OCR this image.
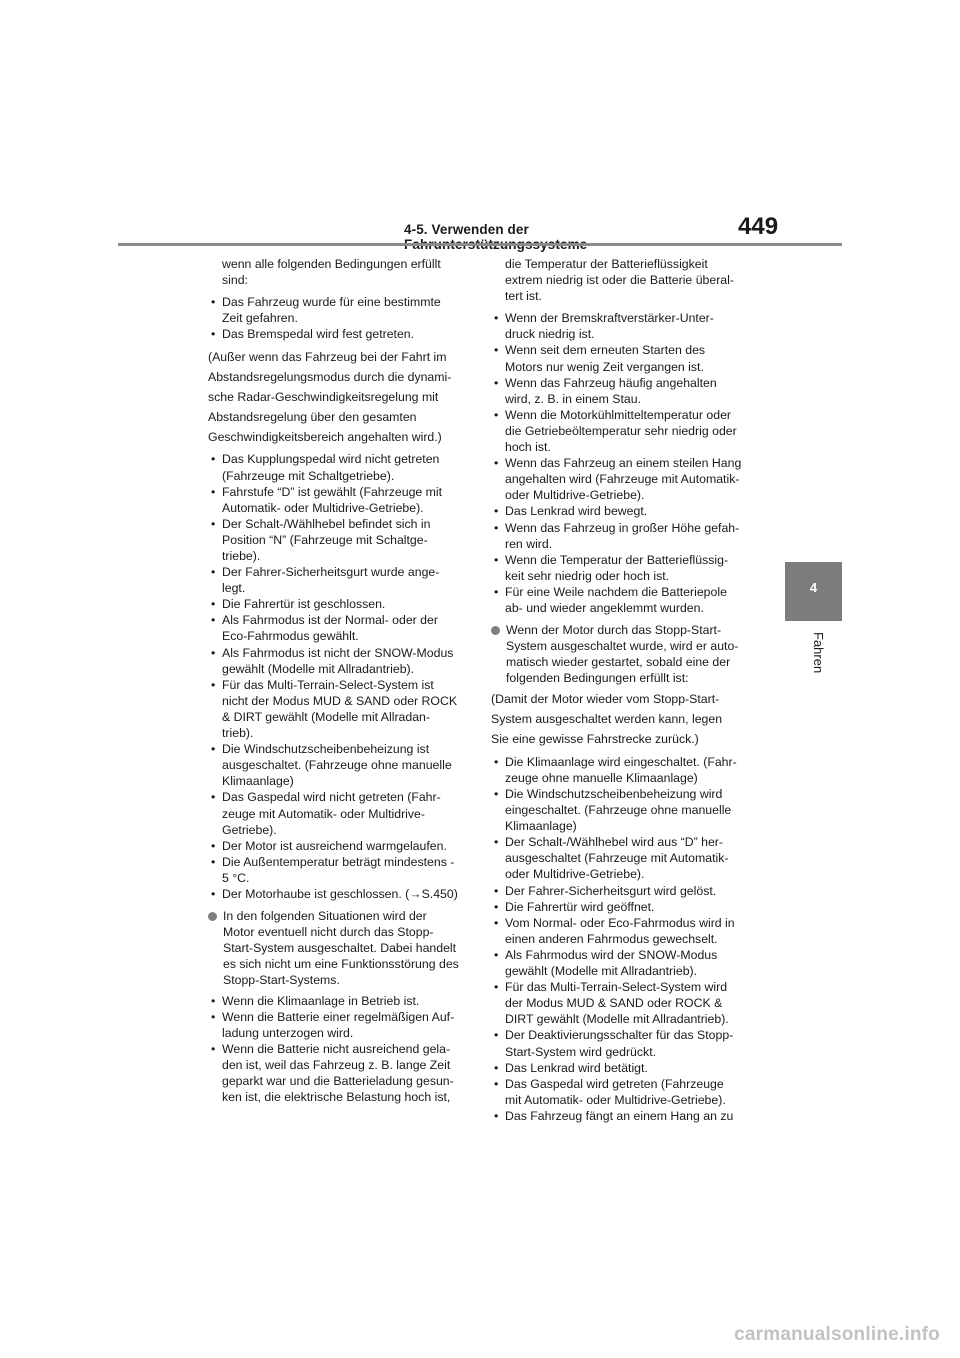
4-5. Verwenden der	449
4
Fahren

wenn alle folgenden Bedingungen erfüllt sind:

• Das Fahrzeug wurde für eine bestimmte Zeit gefahren.
• Das Bremspedal wird fest getreten.
(Außer wenn das Fahrzeug bei der Fahrt im
Abstandsregelungsmodus durch die dynami-
sche Radar-Geschwindigkeitsregelung mit
Abstandsregelung über den gesamten
Geschwindigkeitsbereich angehalten wird.)
• Das Kupplungspedal wird nicht getreten (Fahrzeuge mit Schaltgetriebe).
• Fahrstufe “D” ist gewählt (Fahrzeuge mit Automatik- oder Multidrive-Getriebe).
• Der Schalt-/Wählhebel befindet sich in Position “N” (Fahrzeuge mit Schaltge-triebe).
• Der Fahrer-Sicherheitsgurt wurde ange-legt.
• Die Fahrertür ist geschlossen.
• Als Fahrmodus ist der Normal- oder der Eco-Fahrmodus gewählt.
• Als Fahrmodus ist nicht der SNOW-Modus gewählt (Modelle mit Allradantrieb).
• Für das Multi-Terrain-Select-System ist nicht der Modus MUD & SAND oder ROCK & DIRT gewählt (Modelle mit Allradan-trieb).
• Die Windschutzscheibenbeheizung ist ausgeschaltet. (Fahrzeuge ohne manuelle Klimaanlage)
• Das Gaspedal wird nicht getreten (Fahr-zeuge mit Automatik- oder Multidrive-Getriebe).
• Der Motor ist ausreichend warmgelaufen.
• Die Außentemperatur beträgt mindestens - 5 °C.
• Der Motorhaube ist geschlossen. (→S.450)
In den folgenden Situationen wird der Motor eventuell nicht durch das Stopp-Start-System ausgeschaltet. Dabei handelt es sich nicht um eine Funktionsstörung des Stopp-Start-Systems.
• Wenn die Klimaanlage in Betrieb ist.
• Wenn die Batterie einer regelmäßigen Auf-ladung unterzogen wird.
• Wenn die Batterie nicht ausreichend gela-den ist, weil das Fahrzeug z. B. lange Zeit geparkt war und die Batterieladung gesun-ken ist, die elektrische Belastung hoch ist,

die Temperatur der Batterieflüssigkeit extrem niedrig ist oder die Batterie überal-tert ist.

• Wenn der Bremskraftverstärker-Unter-druck niedrig ist.
• Wenn seit dem erneuten Starten des Motors nur wenig Zeit vergangen ist.
• Wenn das Fahrzeug häufig angehalten wird, z. B. in einem Stau.
• Wenn die Motorkühlmitteltemperatur oder die Getriebeöltemperatur sehr niedrig oder hoch ist.
• Wenn das Fahrzeug an einem steilen Hang angehalten wird (Fahrzeuge mit Automatik- oder Multidrive-Getriebe).
• Das Lenkrad wird bewegt.
• Wenn das Fahrzeug in großer Höhe gefah-ren wird.
• Wenn die Temperatur der Batterieflüssig-keit sehr niedrig oder hoch ist.
• Für eine Weile nachdem die Batteriepole ab- und wieder angeklemmt wurden.
Wenn der Motor durch das Stopp-Start-System ausgeschaltet wurde, wird er auto-matisch wieder gestartet, sobald eine der folgenden Bedingungen erfüllt ist:
(Damit der Motor wieder vom Stopp-Start-
System ausgeschaltet werden kann, legen
Sie eine gewisse Fahrstrecke zurück.)
• Die Klimaanlage wird eingeschaltet. (Fahr-zeuge ohne manuelle Klimaanlage)
• Die Windschutzscheibenbeheizung wird eingeschaltet. (Fahrzeuge ohne manuelle Klimaanlage)
• Der Schalt-/Wählhebel wird aus “D” her-ausgeschaltet (Fahrzeuge mit Automatik- oder Multidrive-Getriebe).
• Der Fahrer-Sicherheitsgurt wird gelöst.
• Die Fahrertür wird geöffnet.
• Vom Normal- oder Eco-Fahrmodus wird in einen anderen Fahrmodus gewechselt.
• Als Fahrmodus wird der SNOW-Modus gewählt (Modelle mit Allradantrieb).
• Für das Multi-Terrain-Select-System wird der Modus MUD & SAND oder ROCK & DIRT gewählt (Modelle mit Allradantrieb).
• Der Deaktivierungsschalter für das Stopp-Start-System wird gedrückt.
• Das Lenkrad wird betätigt.
• Das Gaspedal wird getreten (Fahrzeuge mit Automatik- oder Multidrive-Getriebe).
• Das Fahrzeug fängt an einem Hang an zu
carmanualsonline.info
